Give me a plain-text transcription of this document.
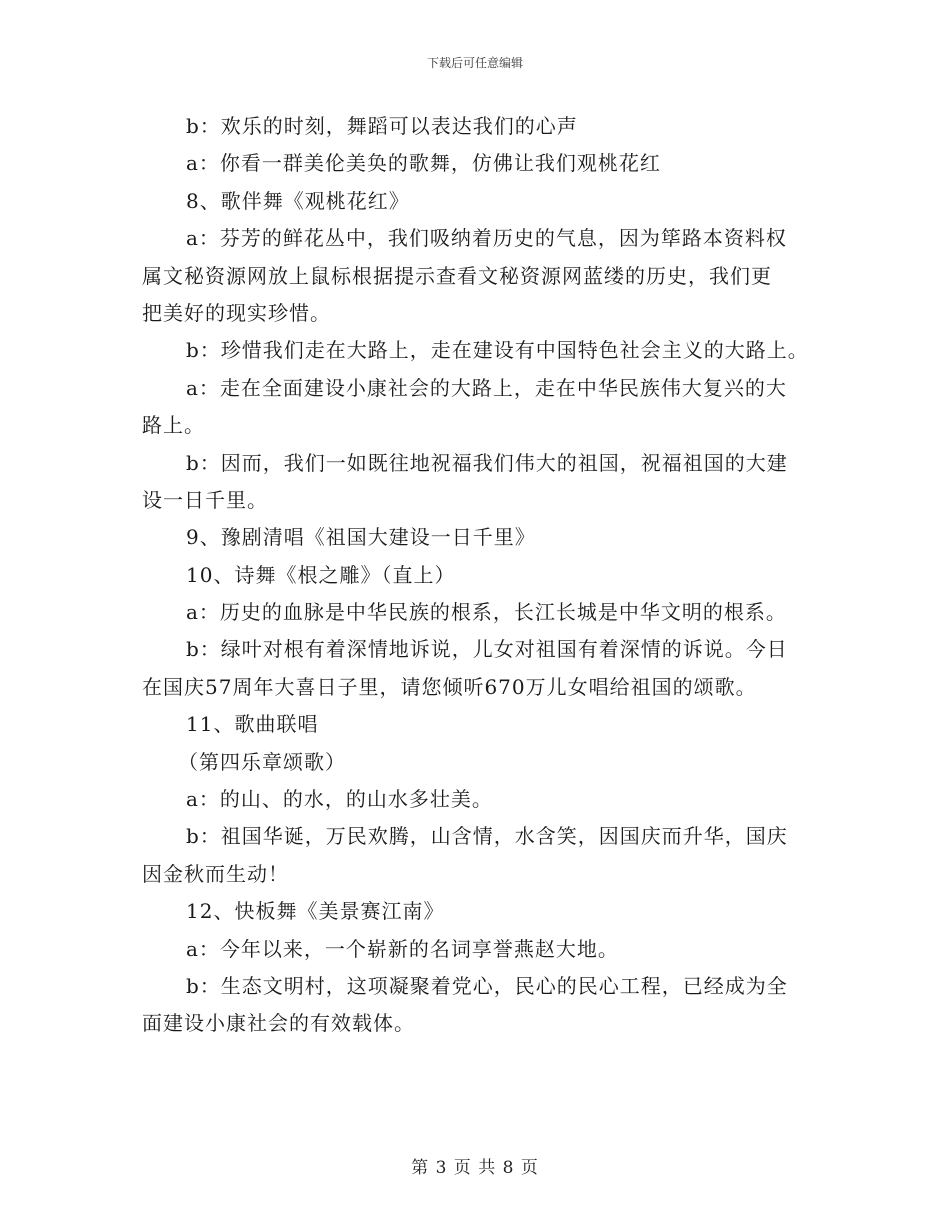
下载后可任意编辑
b：欢乐的时刻，舞蹈可以表达我们的心声
a：你看一群美伦美奂的歌舞，仿佛让我们观桃花红
8、歌伴舞《观桃花红》
a：芬芳的鲜花丛中，我们吸纳着历史的气息，因为筚路本资料权
属文秘资源网放上鼠标根据提示查看文秘资源网蓝缕的历史，我们更
把美好的现实珍惜。
b：珍惜我们走在大路上，走在建设有中国特色社会主义的大路上。
a：走在全面建设小康社会的大路上，走在中华民族伟大复兴的大
路上。
b：因而，我们一如既往地祝福我们伟大的祖国，祝福祖国的大建
设一日千里。
9、豫剧清唱《祖国大建设一日千里》
10、诗舞《根之雕》（直上）
a：历史的血脉是中华民族的根系，长江长城是中华文明的根系。
b：绿叶对根有着深情地诉说，儿女对祖国有着深情的诉说。今日
在国庆57周年大喜日子里，请您倾听670万儿女唱给祖国的颂歌。
11、歌曲联唱
（第四乐章颂歌）
a：的山、的水，的山水多壮美。
b：祖国华诞，万民欢腾，山含情，水含笑，因国庆而升华，国庆
因金秋而生动！
12、快板舞《美景赛江南》
a：今年以来，一个崭新的名词享誉燕赵大地。
b：生态文明村，这项凝聚着党心，民心的民心工程，已经成为全
面建设小康社会的有效载体。
第 3 页 共 8 页
